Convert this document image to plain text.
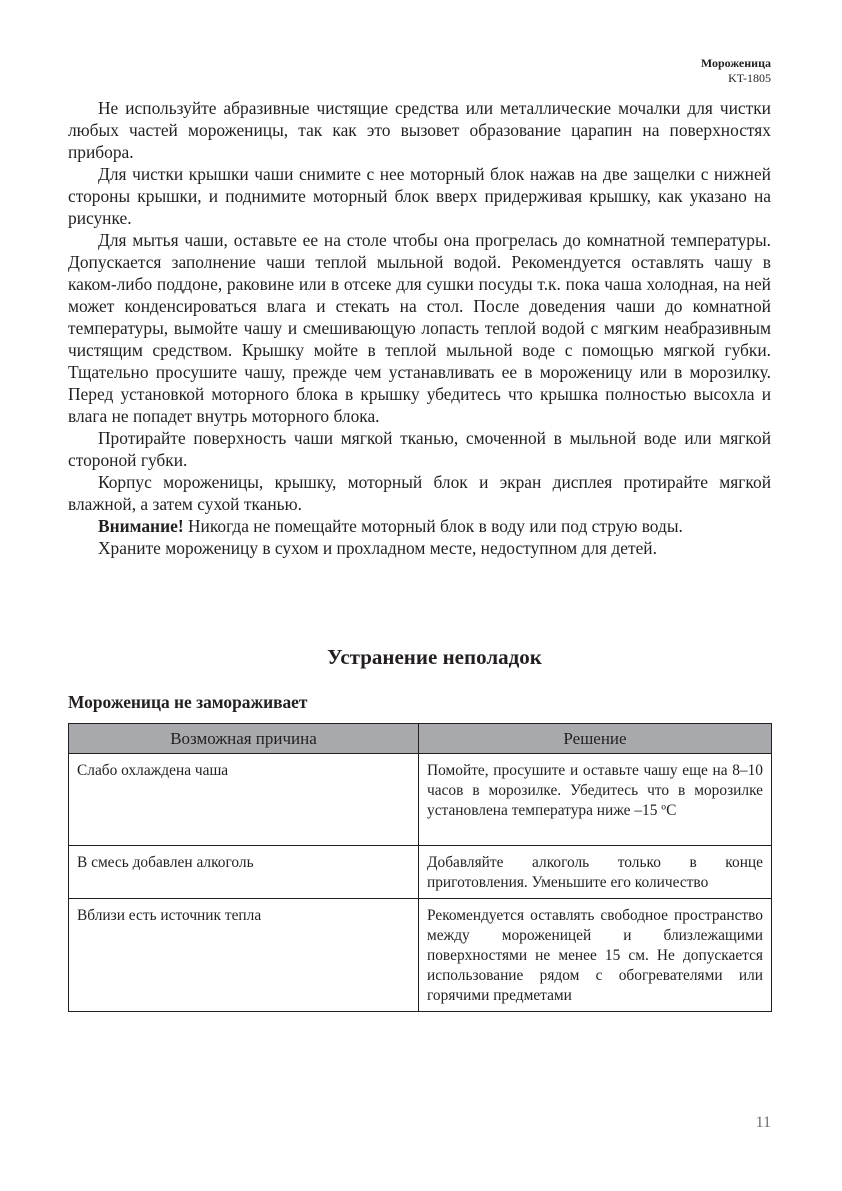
Мороженица
KT-1805

Не используйте абразивные чистящие средства или металлические мочалки для чистки любых частей мороженицы, так как это вызовет образование царапин на поверхностях прибора.

Для чистки крышки чаши снимите с нее моторный блок нажав на две защелки с нижней стороны крышки, и поднимите моторный блок вверх придерживая крышку, как указано на рисунке.

Для мытья чаши, оставьте ее на столе чтобы она прогрелась до комнатной температуры. Допускается заполнение чаши теплой мыльной водой. Рекомендуется оставлять чашу в каком-либо поддоне, раковине или в отсеке для сушки посуды т.к. пока чаша холодная, на ней может конденсироваться влага и стекать на стол. После доведения чаши до комнатной температуры, вымойте чашу и смешивающую лопасть теплой водой с мягким неабразивным чистящим средством. Крышку мойте в теплой мыльной воде с помощью мягкой губки. Тщательно просушите чашу, прежде чем устанавливать ее в мороженицу или в морозилку. Перед установкой моторного блока в крышку убедитесь что крышка полностью высохла и влага не попадет внутрь моторного блока.

Протирайте поверхность чаши мягкой тканью, смоченной в мыльной воде или мягкой стороной губки.

Корпус мороженицы, крышку, моторный блок и экран дисплея протирайте мягкой влажной, а затем сухой тканью.

Внимание! Никогда не помещайте моторный блок в воду или под струю воды.

Храните мороженицу в сухом и прохладном месте, недоступном для детей.

Устранение неполадок
Мороженица не замораживает
Возможная причина	Решение
Слабо охлаждена чаша	Помойте, просушите и оставьте чашу еще на 8–10 часов в морозилке. Убедитесь что в морозилке установлена температура ниже –15 ºС
В смесь добавлен алкоголь	Добавляйте алкоголь только в конце приготовления. Уменьшите его количество
Вблизи есть источник тепла	Рекомендуется оставлять свободное пространство между мороженицей и близлежащими поверхностями не менее 15 см. Не допускается использование рядом с обогревателями или горячими предметами
11
